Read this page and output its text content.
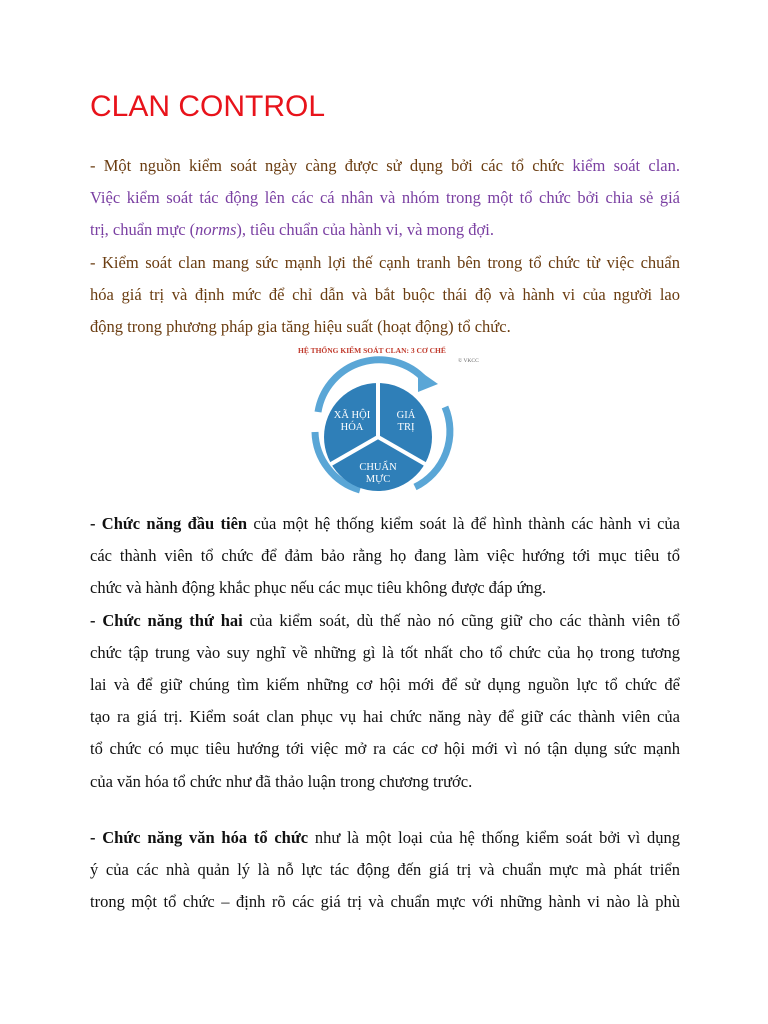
CLAN CONTROL
- Một nguồn kiểm soát ngày càng được sử dụng bởi các tổ chức kiểm soát clan.
Việc kiểm soát tác động lên các cá nhân và nhóm trong một tổ chức bởi chia sẻ giá
trị, chuẩn mực (norms), tiêu chuẩn của hành vi, và mong đợi.
- Kiểm soát clan mang sức mạnh lợi thế cạnh tranh bên trong tổ chức từ việc chuẩn
hóa giá trị và định mức để chỉ dẫn và bắt buộc thái độ và hành vi của người lao
động trong phương pháp gia tăng hiệu suất (hoạt động) tổ chức.
HỆ THỐNG KIỂM SOÁT CLAN: 3 CƠ CHẾ
© VKCC
XÃ HỘI
HÓA
GIÁ
TRỊ
CHUẨN
MỰC
- Chức năng đầu tiên của một hệ thống kiểm soát là để hình thành các hành vi của
các thành viên tổ chức để đảm bảo rằng họ đang làm việc hướng tới mục tiêu tổ
chức và hành động khắc phục nếu các mục tiêu không được đáp ứng.
- Chức năng thứ hai của kiểm soát, dù thế nào nó cũng giữ cho các thành viên tổ
chức tập trung vào suy nghĩ về những gì là tốt nhất cho tổ chức của họ trong tương
lai và để giữ chúng tìm kiếm những cơ hội mới để sử dụng nguồn lực tổ chức để
tạo ra giá trị. Kiểm soát clan phục vụ hai chức năng này để giữ các thành viên của
tổ chức có mục tiêu hướng tới việc mở ra các cơ hội mới vì nó tận dụng sức mạnh
của văn hóa tổ chức như đã thảo luận trong chương trước.
- Chức năng văn hóa tổ chức như là một loại của hệ thống kiểm soát bởi vì dụng
ý của các nhà quản lý là nỗ lực tác động đến giá trị và chuẩn mực mà phát triển
trong một tổ chức – định rõ các giá trị và chuẩn mực với những hành vi nào là phù
